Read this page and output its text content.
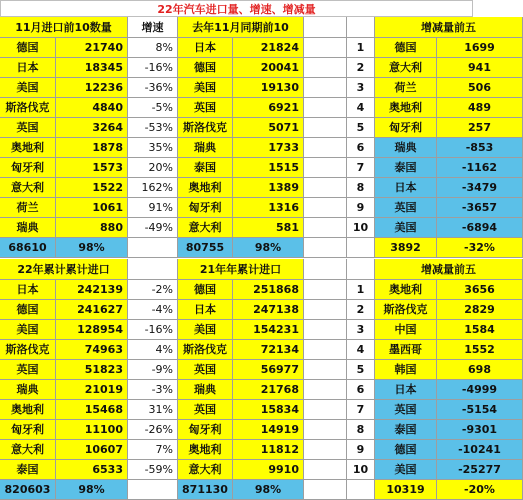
22年汽车进口量、增速、增减量
11月进口前10数量	增速	去年11月同期前10	增减量前五
德国	21740	8%	日本	21824	1	德国	1699
日本	18345	-16%	德国	20041	2	意大利	941
美国	12236	-36%	美国	19130	3	荷兰	506
斯洛伐克	4840	-5%	英国	6921	4	奥地利	489
英国	3264	-53% 斯洛伐克	5071	5	匈牙利	257
奥地利	1878	35%	瑞典	1733	6	瑞典	-853
匈牙利	1573	20%	泰国	1515	7	泰国	-1162
意大利	1522	162%	奥地利	1389	8	日本	-3479
荷兰	1061	91%	匈牙利	1316	9	英国	-3657
瑞典	880	-49%	意大利	581	10	美国	-6894
68610	98%	80755	98%	3892	-32%
22年累计累计进口	21年年累计进口	增减量前五
日本	242139	-2%	德国	251868	1	奥地利	3656
德国	241627	-4%	日本	247138	2	斯洛伐克	2829
美国	128954	-16%	美国	154231	3	中国	1584
斯洛伐克	74963	4% 斯洛伐克	72134	4	墨西哥	1552
英国	51823	-9%	英国	56977	5	韩国	698
瑞典	21019	-3%	瑞典	21768	6	日本	-4999
奥地利	15468	31%	英国	15834	7	英国	-5154
匈牙利	11100	-26%	匈牙利	14919	8	泰国	-9301
意大利	10607	7%	奥地利	11812	9	德国	-10241
泰国	6533	-59%	意大利	9910	10	美国	-25277
820603	98%	871130	98%	10319	-20%
